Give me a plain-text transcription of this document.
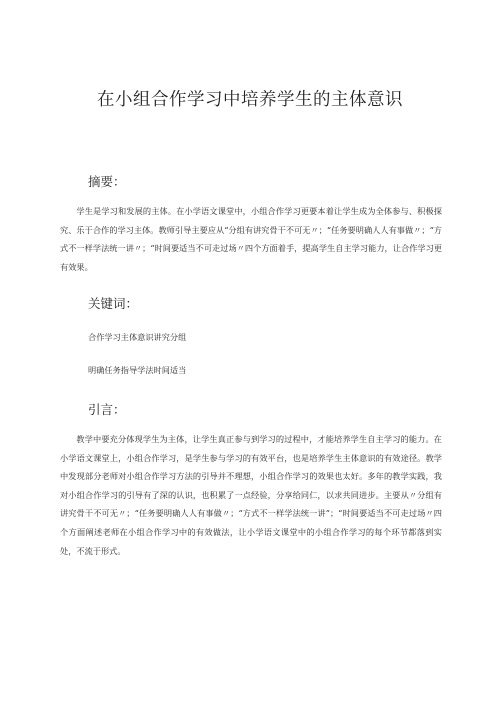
在小组合作学习中培养学生的主体意识
摘要：

学生是学习和发展的主体。在小学语文课堂中，小组合作学习更要本着让学生成为全体参与、积极探究、乐于合作的学习主体。教师引导主要应从“分组有讲究骨干不可无〃；“任务要明确人人有事做〃；“方式不一样学法统一讲〃；“时间要适当不可走过场〃四个方面着手，提高学生自主学习能力，让合作学习更有效果。

关键词：
合作学习主体意识讲究分组
明确任务指导学法时间适当
引言：

教学中要充分体现学生为主体，让学生真正参与到学习的过程中，才能培养学生自主学习的能力。在小学语文课堂上，小组合作学习，是学生参与学习的有效平台，也是培养学生主体意识的有效途径。教学中发现部分老师对小组合作学习方法的引导并不理想，小组合作学习的效果也太好。多年的教学实践，我对小组合作学习的引导有了深的认识，也积累了一点经验，分享给同仁，以求共同进步。主要从〃分组有讲究骨干不可无〃；“任务要明确人人有事做〃；“方式不一样学法统一讲”；“时间要适当不可走过场〃四个方面阐述老师在小组合作学习中的有效做法，让小学语文课堂中的小组合作学习的每个环节都落到实处，不流于形式。
